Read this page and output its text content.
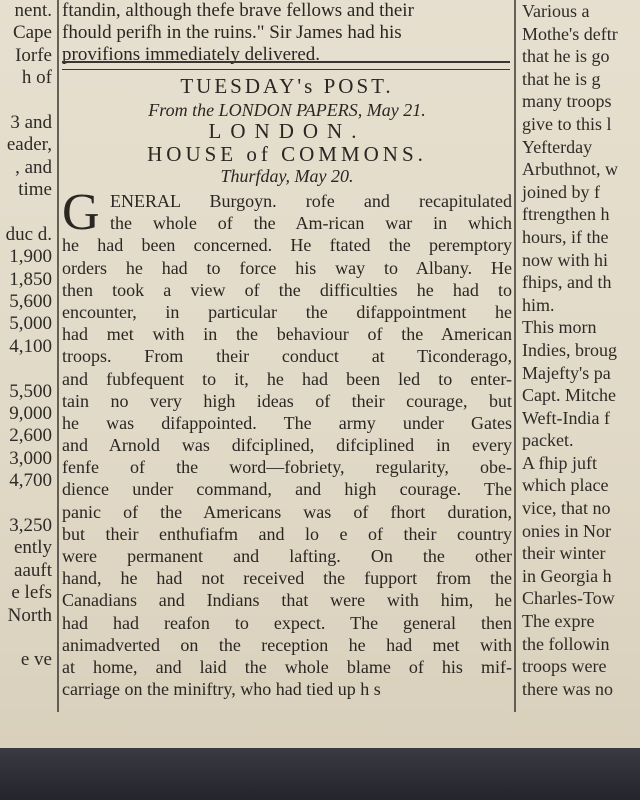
nent.
Cape
Iorfe
h of
3 and
eader,
, and
time
duc d.
1,900
1,850
5,600
5,000
4,100
5,500
9,000
2,600
3,000
4,700
3,250
ently
aauft
e lefs
North
e ve
ftandin, although thefe brave fellows and their
fhould perifh in the ruins." Sir James had his
provifions immediately delivered.
TUESDAY's POST.
From the LONDON PAPERS, May 21.
LONDON.
HOUSE of COMMONS.
Thurfday, May 20.
G ENERAL Burgoyn. rofe and recapitulated
the whole of the Am-rican war in which
he had been concerned. He ftated the peremptory
orders he had to force his way to Albany. He
then took a view of the difficulties he had to
encounter, in particular the difappointment he
had met with in the behaviour of the American
troops. From their conduct at Ticonderago,
and fubfequent to it, he had been led to enter-
tain no very high ideas of their courage, but
he was difappointed. The army under Gates
and Arnold was difciplined, difciplined in every
fenfe of the word—fobriety, regularity, obe-
dience under command, and high courage. The
panic of the Americans was of fhort duration,
but their enthufiafm and lo e of their country
were permanent and lafting. On the other
hand, he had not received the fupport from the
Canadians and Indians that were with him, he
had had reafon to expect. The general then
animadverted on the reception he had met with
at home, and laid the whole blame of his mif-
carriage on the miniftry, who had tied up h s
Various a
Mothe's deftr
that he is go
that he is g
many troops
give to this l
Yefterday
Arbuthnot, w
joined by f
ftrengthen h
hours, if the
now with hi
fhips, and th
him.
This morn
Indies, broug
Majefty's pa
Capt. Mitche
Weft-India f
packet.
A fhip juft
which place
vice, that no
onies in Nor
their winter
in Georgia h
Charles-Tow
The expre
the followin
troops were
there was no
